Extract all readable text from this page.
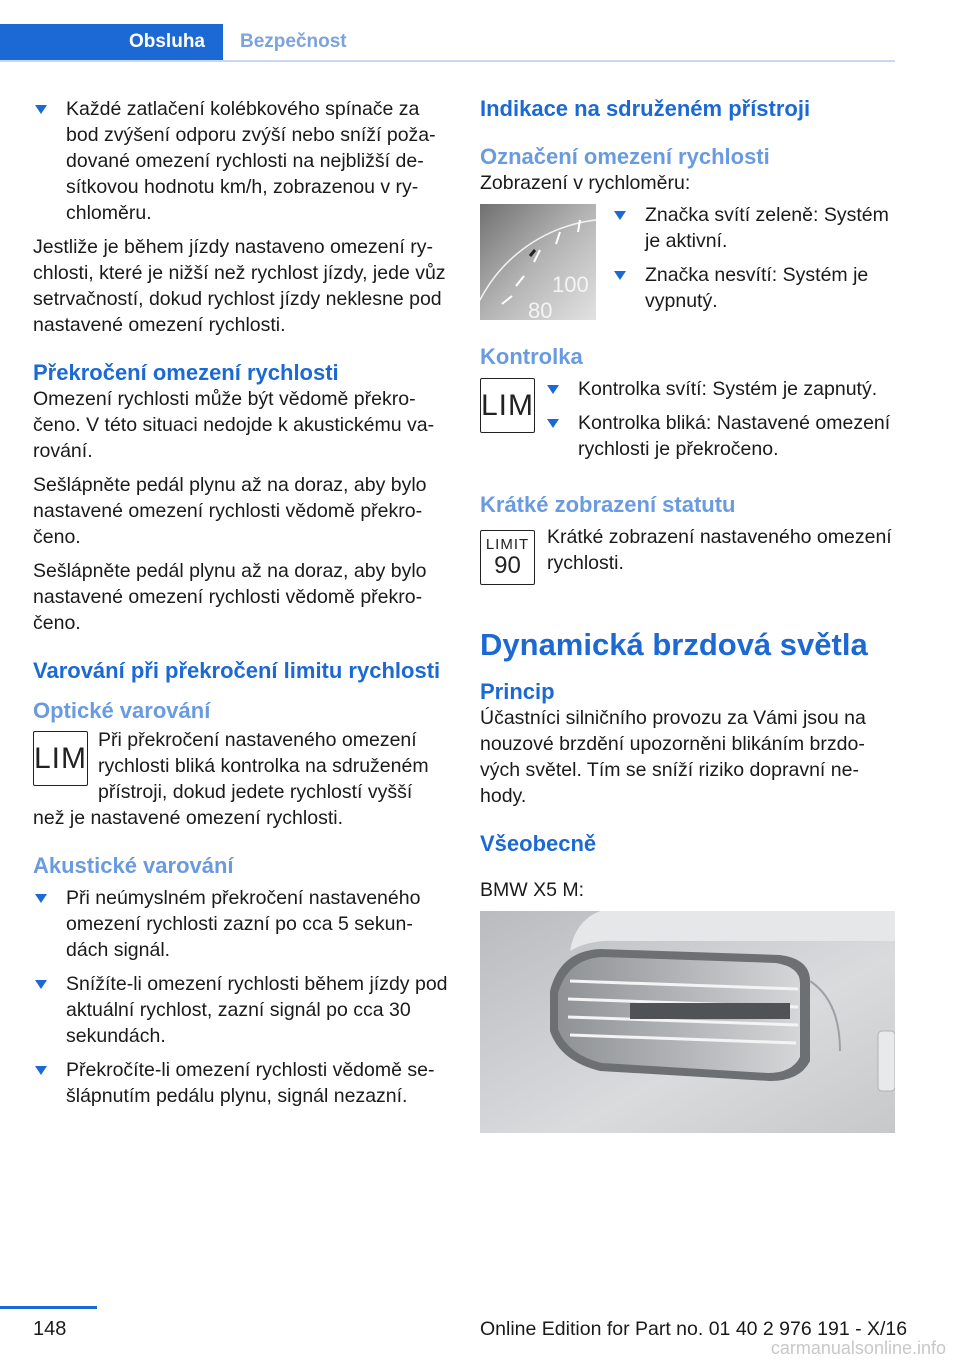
Obsluha	Bezpečnost
Každé zatlačení kolébkového spínače za bod zvýšení odporu zvýší nebo sníží požadované omezení rychlosti na nejbližší desítkovou hodnotu km/h, zobrazenou v rychloměru.

Jestliže je během jízdy nastaveno omezení rychlosti, které je nižší než rychlost jízdy, jede vůz setrvačností, dokud rychlost jízdy neklesne pod nastavené omezení rychlosti.

Překročení omezení rychlosti

Omezení rychlosti může být vědomě překročeno. V této situaci nedojde k akustickému varování.

Sešlápněte pedál plynu až na doraz, aby bylo nastavené omezení rychlosti vědomě překročeno.

Sešlápněte pedál plynu až na doraz, aby bylo nastavené omezení rychlosti vědomě překročeno.

Varování při překročení limitu rychlosti

Optické varování

LIM

Při překročení nastaveného omezení rychlosti bliká kontrolka na sdruženém přístroji, dokud jedete rychlostí vyšší než je nastavené omezení rychlosti.

Akustické varování

Při neúmyslném překročení nastaveného omezení rychlosti zazní po cca 5 sekundách signál.
Snížíte-li omezení rychlosti během jízdy pod aktuální rychlost, zazní signál po cca 30 sekundách.
Překročíte-li omezení rychlosti vědomě sešlápnutím pedálu plynu, signál nezazní.

Indikace na sdruženém přístroji

Označení omezení rychlosti

Zobrazení v rychloměru:

100
80
Značka svítí zeleně: Systém je aktivní.
Značka nesvítí: Systém je vypnutý.

Kontrolka

LIM	Kontrolka svítí: Systém je zapnutý.
Kontrolka bliká: Nastavené omezení rychlosti je překročeno.

Krátké zobrazení statutu

LIMIT
90

Krátké zobrazení nastaveného omezení rychlosti.

Dynamická brzdová světla

Princip

Účastníci silničního provozu za Vámi jsou na nouzové brzdění upozorněni blikáním brzdových světel. Tím se sníží riziko dopravní nehody.

Všeobecně

BMW X5 M:

148	Online Edition for Part no. 01 40 2 976 191 - X/16
carmanualsonline.info
